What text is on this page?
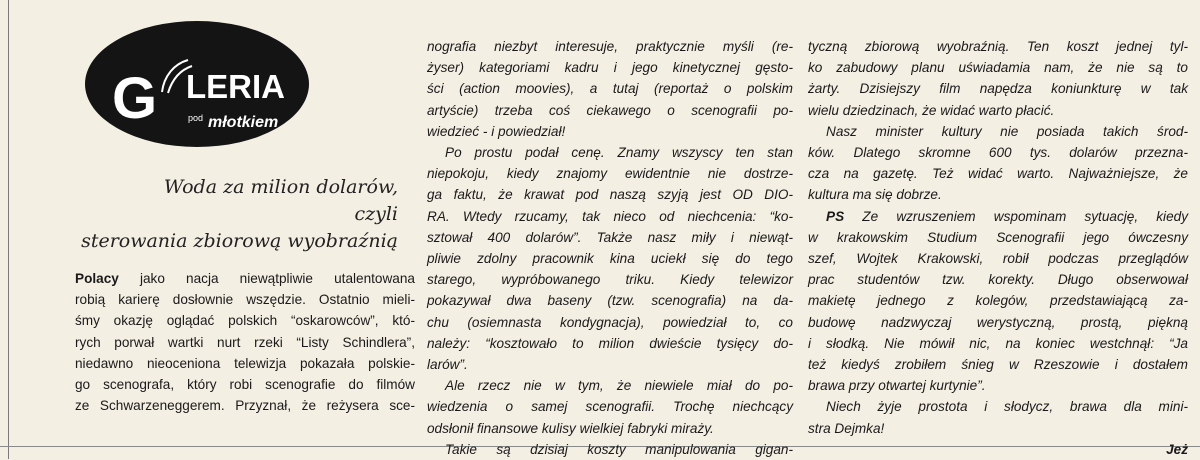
G LERIA
pod młotkiem
Woda za milion dolarów,
czyli
sterowania zbiorową wyobraźnią

Polacy jako nacja niewątpliwie utalentowana
robią karierę dosłownie wszędzie. Ostatnio mieli-
śmy okazję oglądać polskich “oskarowców”, któ-
rych porwał wartki nurt rzeki “Listy Schindlera”,
niedawno nieoceniona telewizja pokazała polskie-
go scenografa, który robi scenografie do filmów
ze Schwarzeneggerem. Przyznał, że reżysera sce-

nografia niezbyt interesuje, praktycznie myśli (re-
żyser) kategoriami kadru i jego kinetycznej gęsto-
ści (action moovies), a tutaj (reportaż o polskim
artyście) trzeba coś ciekawego o scenografii po-
wiedzieć - i powiedział!

Po prostu podał cenę. Znamy wszyscy ten stan
niepokoju, kiedy znajomy ewidentnie nie dostrze-
ga faktu, że krawat pod naszą szyją jest OD DIO-
RA. Wtedy rzucamy, tak nieco od niechcenia: “ko-
sztował 400 dolarów”. Także nasz miły i niewąt-
pliwie zdolny pracownik kina uciekł się do tego
starego, wypróbowanego triku. Kiedy telewizor
pokazywał dwa baseny (tzw. scenografia) na da-
chu (osiemnasta kondygnacja), powiedział to, co
należy: “kosztowało to milion dwieście tysięcy do-
larów”.

Ale rzecz nie w tym, że niewiele miał do po-
wiedzenia o samej scenografii. Trochę niechcący
odsłonił finansowe kulisy wielkiej fabryki miraży.

Takie są dzisiaj koszty manipulowania gigan-

tyczną zbiorową wyobraźnią. Ten koszt jednej tyl-
ko zabudowy planu uświadamia nam, że nie są to
żarty. Dzisiejszy film napędza koniunkturę w tak
wielu dziedzinach, że widać warto płacić.

Nasz minister kultury nie posiada takich środ-
ków. Dlatego skromne 600 tys. dolarów przezna-
cza na gazetę. Też widać warto. Najważniejsze, że
kultura ma się dobrze.

PS Ze wzruszeniem wspominam sytuację, kiedy
w krakowskim Studium Scenografii jego ówczesny
szef, Wojtek Krakowski, robił podczas przeglądów
prac studentów tzw. korekty. Długo obserwował
makietę jednego z kolegów, przedstawiającą za-
budowę nadzwyczaj werystyczną, prostą, piękną
i słodką. Nie mówił nic, na koniec westchnął: “Ja
też kiedyś zrobiłem śnieg w Rzeszowie i dostałem
brawa przy otwartej kurtynie”.

Niech żyje prostota i słodycz, brawa dla mini-
stra Dejmka!

Jeż
